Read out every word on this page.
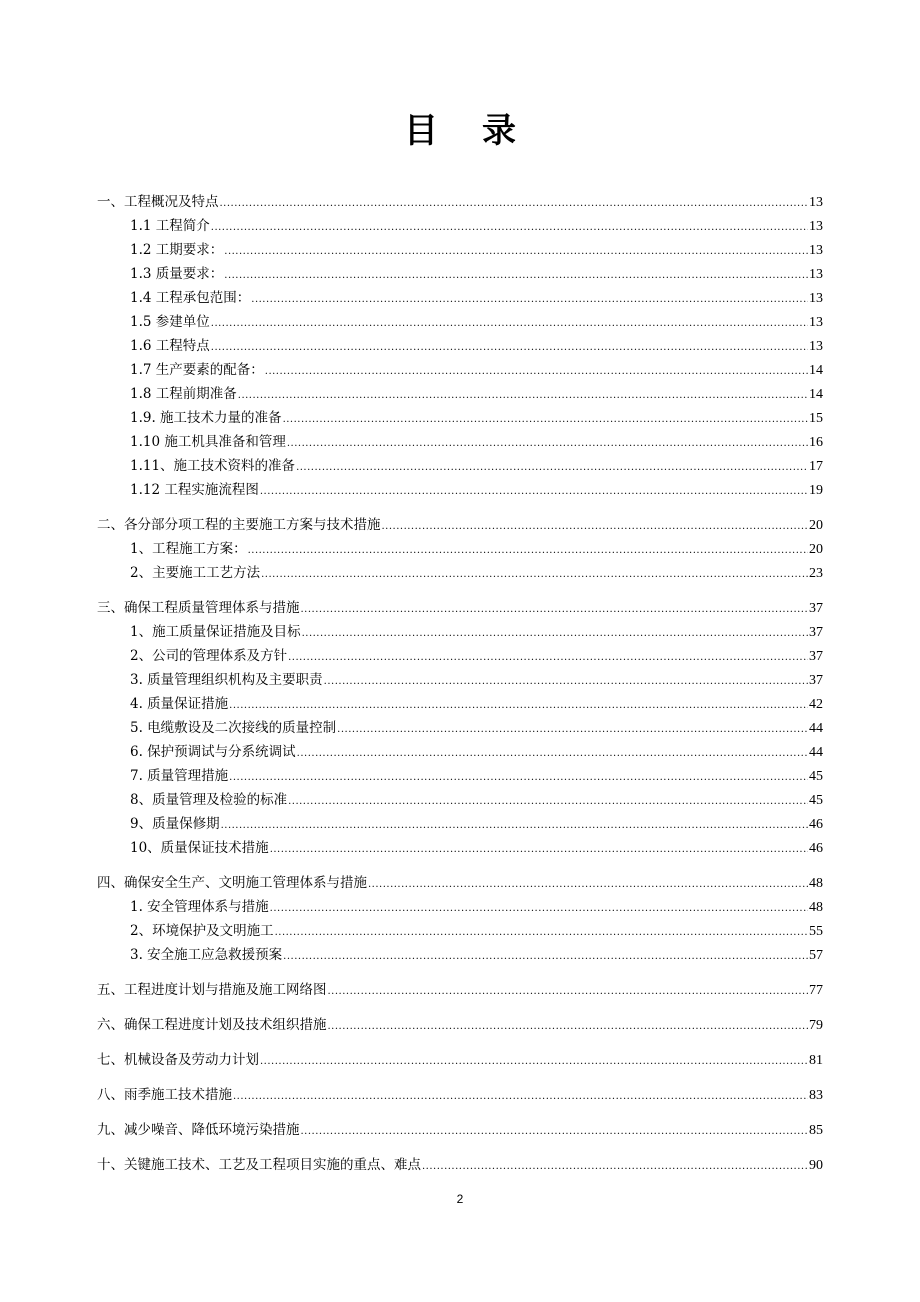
目录
一、工程概况及特点 .....	13
1.1 工程简介 .....	13
1.2 工期要求： .....	13
1.3 质量要求： .....	13
1.4 工程承包范围： .....	13
1.5 参建单位 .....	13
1.6 工程特点 .....	13
1.7 生产要素的配备： .....	14
1.8 工程前期准备 .....	14
1.9. 施工技术力量的准备 .....	15
1.10 施工机具准备和管理 .....	16
1.11、施工技术资料的准备 .....	17
1.12 工程实施流程图 .....	19
二、各分部分项工程的主要施工方案与技术措施 .....	20
1、工程施工方案： .....	20
2、主要施工工艺方法 .....	23
三、确保工程质量管理体系与措施 .....	37
1、施工质量保证措施及目标 .....	37
2、公司的管理体系及方针 .....	37
3. 质量管理组织机构及主要职责 .....	37
4. 质量保证措施 .....	42
5. 电缆敷设及二次接线的质量控制 .....	44
6. 保护预调试与分系统调试 .....	44
7. 质量管理措施 .....	45
8、质量管理及检验的标准 .....	45
9、质量保修期 .....	46
10、质量保证技术措施 .....	46
四、确保安全生产、文明施工管理体系与措施 .....	48
1. 安全管理体系与措施 .....	48
2、环境保护及文明施工 .....	55
3. 安全施工应急救援预案 .....	57
五、工程进度计划与措施及施工网络图 .....	77
六、确保工程进度计划及技术组织措施 .....	79
七、机械设备及劳动力计划 .....	81
八、雨季施工技术措施 .....	83
九、减少噪音、降低环境污染措施 .....	85
十、关键施工技术、工艺及工程项目实施的重点、难点 .....	90
2
